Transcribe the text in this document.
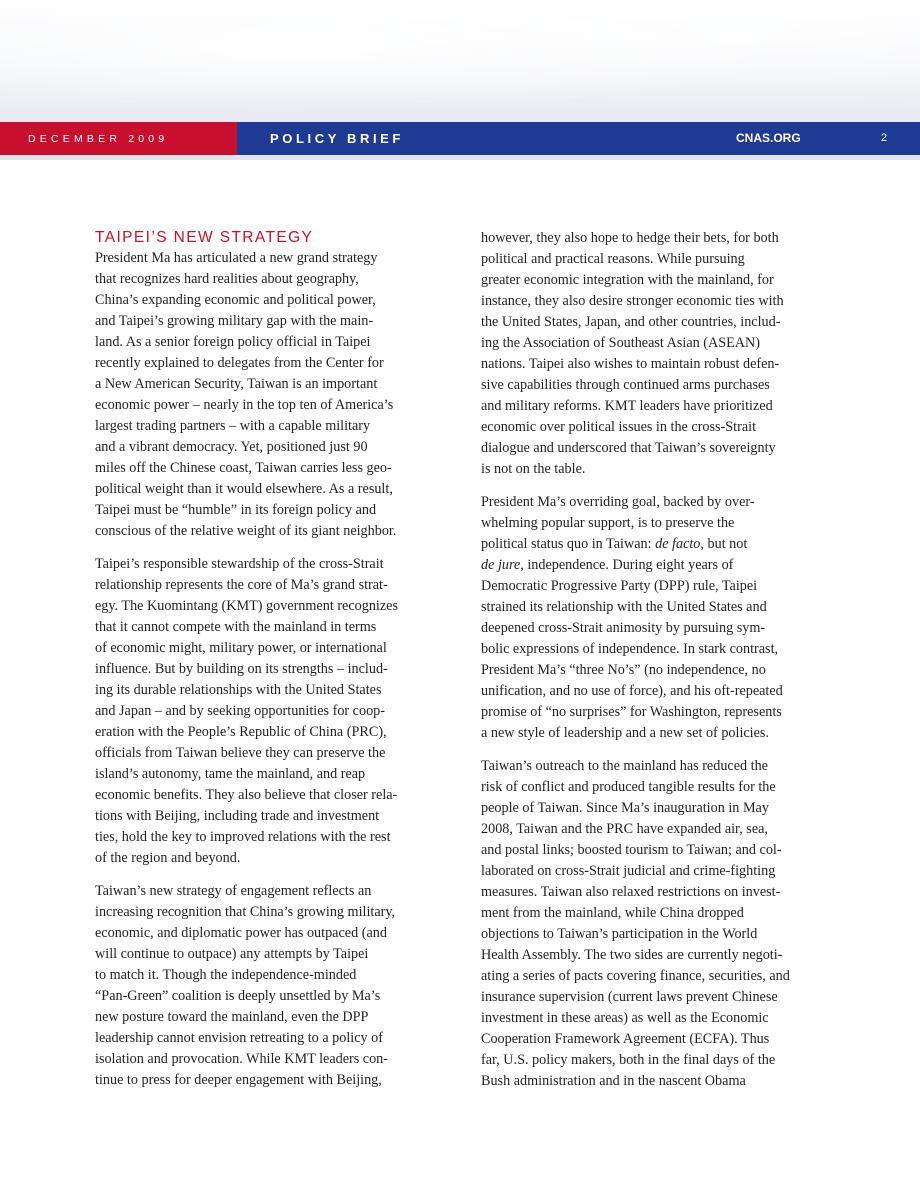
DECEMBER 2009	POLICY BRIEF	CNAS.ORG	2
TAIPEI’S NEW STRATEGY

President Ma has articulated a new grand strategy
that recognizes hard realities about geography,
China’s expanding economic and political power,
and Taipei’s growing military gap with the main-
land. As a senior foreign policy official in Taipei
recently explained to delegates from the Center for
a New American Security, Taiwan is an important
economic power – nearly in the top ten of America’s
largest trading partners – with a capable military
and a vibrant democracy. Yet, positioned just 90
miles off the Chinese coast, Taiwan carries less geo-
political weight than it would elsewhere. As a result,
Taipei must be “humble” in its foreign policy and
conscious of the relative weight of its giant neighbor.

Taipei’s responsible stewardship of the cross-Strait
relationship represents the core of Ma’s grand strat-
egy. The Kuomintang (KMT) government recognizes
that it cannot compete with the mainland in terms
of economic might, military power, or international
influence. But by building on its strengths – includ-
ing its durable relationships with the United States
and Japan – and by seeking opportunities for coop-
eration with the People’s Republic of China (PRC),
officials from Taiwan believe they can preserve the
island’s autonomy, tame the mainland, and reap
economic benefits. They also believe that closer rela-
tions with Beijing, including trade and investment
ties, hold the key to improved relations with the rest
of the region and beyond.

Taiwan’s new strategy of engagement reflects an
increasing recognition that China’s growing military,
economic, and diplomatic power has outpaced (and
will continue to outpace) any attempts by Taipei
to match it. Though the independence-minded
“Pan-Green” coalition is deeply unsettled by Ma’s
new posture toward the mainland, even the DPP
leadership cannot envision retreating to a policy of
isolation and provocation. While KMT leaders con-
tinue to press for deeper engagement with Beijing,

however, they also hope to hedge their bets, for both
political and practical reasons. While pursuing
greater economic integration with the mainland, for
instance, they also desire stronger economic ties with
the United States, Japan, and other countries, includ-
ing the Association of Southeast Asian (ASEAN)
nations. Taipei also wishes to maintain robust defen-
sive capabilities through continued arms purchases
and military reforms. KMT leaders have prioritized
economic over political issues in the cross-Strait
dialogue and underscored that Taiwan’s sovereignty
is not on the table.

President Ma’s overriding goal, backed by over-
whelming popular support, is to preserve the
political status quo in Taiwan: de facto, but not
de jure, independence. During eight years of
Democratic Progressive Party (DPP) rule, Taipei
strained its relationship with the United States and
deepened cross-Strait animosity by pursuing sym-
bolic expressions of independence. In stark contrast,
President Ma’s “three No’s” (no independence, no
unification, and no use of force), and his oft-repeated
promise of “no surprises” for Washington, represents
a new style of leadership and a new set of policies.

Taiwan’s outreach to the mainland has reduced the
risk of conflict and produced tangible results for the
people of Taiwan. Since Ma’s inauguration in May
2008, Taiwan and the PRC have expanded air, sea,
and postal links; boosted tourism to Taiwan; and col-
laborated on cross-Strait judicial and crime-fighting
measures. Taiwan also relaxed restrictions on invest-
ment from the mainland, while China dropped
objections to Taiwan’s participation in the World
Health Assembly. The two sides are currently negoti-
ating a series of pacts covering finance, securities, and
insurance supervision (current laws prevent Chinese
investment in these areas) as well as the Economic
Cooperation Framework Agreement (ECFA). Thus
far, U.S. policy makers, both in the final days of the
Bush administration and in the nascent Obama
